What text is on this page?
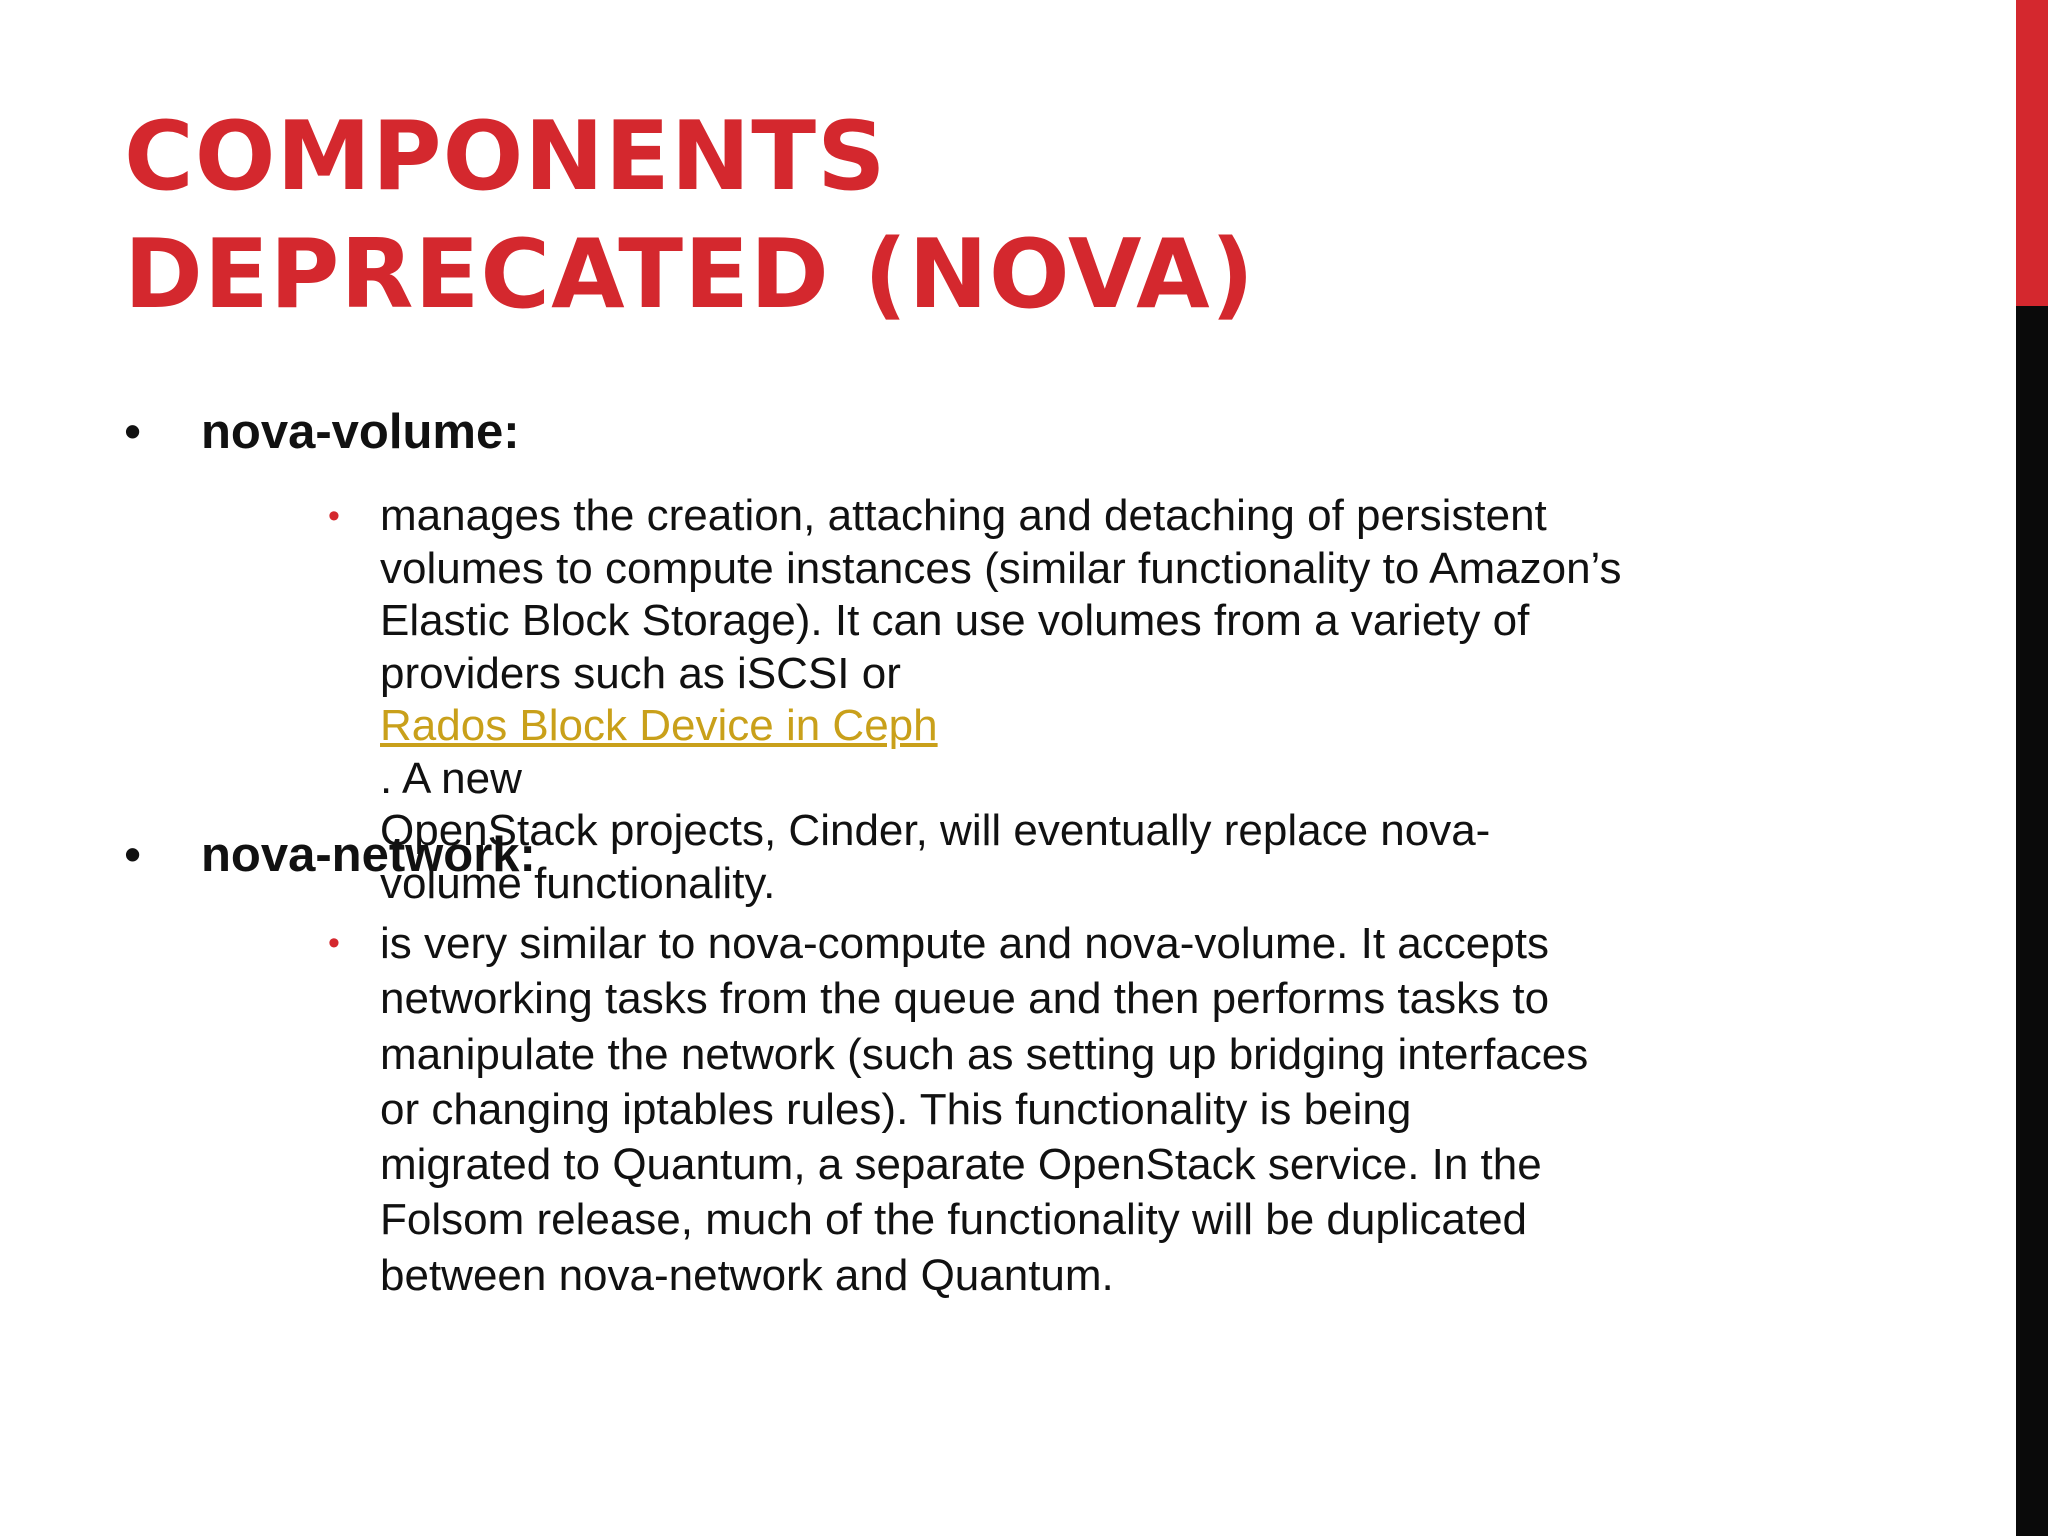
COMPONENTS
DEPRECATED (NOVA)
• nova-volume:
• manages the creation, attaching and detaching of persistent
volumes to compute instances (similar functionality to Amazon’s
Elastic Block Storage). It can use volumes from a variety of
providers such as iSCSI or
Rados Block Device in Ceph
. A new
OpenStack projects, Cinder, will eventually replace nova-
volume functionality.
• nova-network:
• is very similar to nova-compute and nova-volume. It accepts
networking tasks from the queue and then performs tasks to
manipulate the network (such as setting up bridging interfaces
or changing iptables rules). This functionality is being
migrated to Quantum, a separate OpenStack service. In the
Folsom release, much of the functionality will be duplicated
between nova-network and Quantum.
